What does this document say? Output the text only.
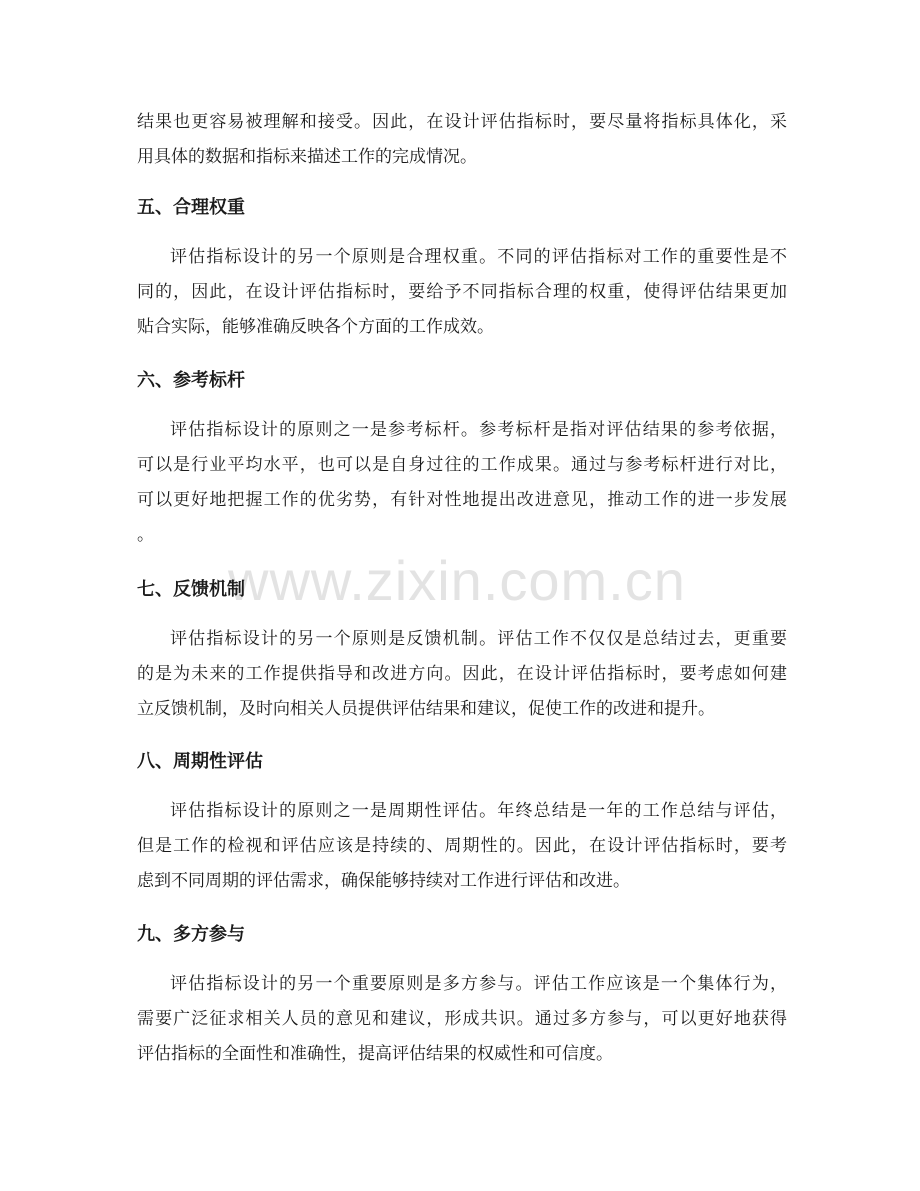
www.zixin.com.cn
结果也更容易被理解和接受。因此，在设计评估指标时，要尽量将指标具体化，采
用具体的数据和指标来描述工作的完成情况。
五、合理权重
评估指标设计的另一个原则是合理权重。不同的评估指标对工作的重要性是不
同的，因此，在设计评估指标时，要给予不同指标合理的权重，使得评估结果更加
贴合实际，能够准确反映各个方面的工作成效。
六、参考标杆
评估指标设计的原则之一是参考标杆。参考标杆是指对评估结果的参考依据，
可以是行业平均水平，也可以是自身过往的工作成果。通过与参考标杆进行对比，
可以更好地把握工作的优劣势，有针对性地提出改进意见，推动工作的进一步发展
。
七、反馈机制
评估指标设计的另一个原则是反馈机制。评估工作不仅仅是总结过去，更重要
的是为未来的工作提供指导和改进方向。因此，在设计评估指标时，要考虑如何建
立反馈机制，及时向相关人员提供评估结果和建议，促使工作的改进和提升。
八、周期性评估
评估指标设计的原则之一是周期性评估。年终总结是一年的工作总结与评估，
但是工作的检视和评估应该是持续的、周期性的。因此，在设计评估指标时，要考
虑到不同周期的评估需求，确保能够持续对工作进行评估和改进。
九、多方参与
评估指标设计的另一个重要原则是多方参与。评估工作应该是一个集体行为，
需要广泛征求相关人员的意见和建议，形成共识。通过多方参与，可以更好地获得
评估指标的全面性和准确性，提高评估结果的权威性和可信度。
